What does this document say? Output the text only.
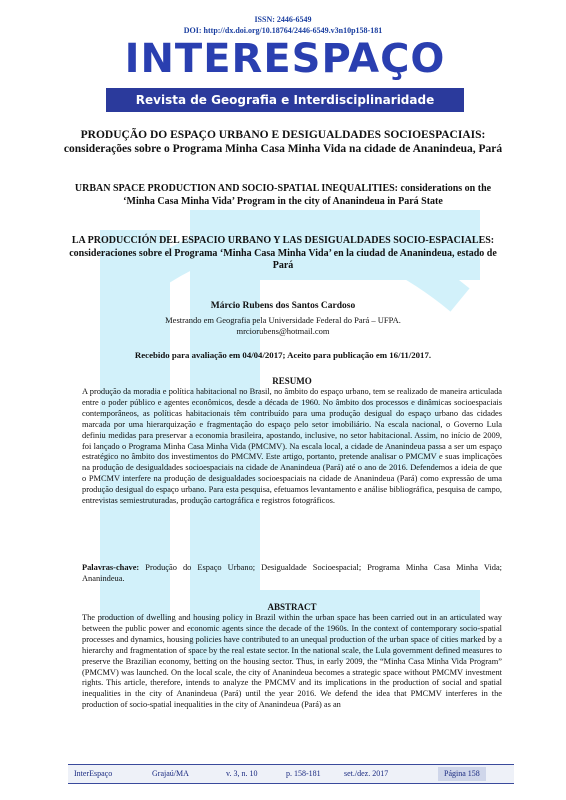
ISSN: 2446-6549
DOI: http://dx.doi.org/10.18764/2446-6549.v3n10p158-181
INTERESPAÇO
Revista de Geografia e Interdisciplinaridade
PRODUÇÃO DO ESPAÇO URBANO E DESIGUALDADES SOCIOESPACIAIS: considerações sobre o Programa Minha Casa Minha Vida na cidade de Ananindeua, Pará
URBAN SPACE PRODUCTION AND SOCIO-SPATIAL INEQUALITIES: considerations on the ‘Minha Casa Minha Vida’ Program in the city of Ananindeua in Pará State
LA PRODUCCIÓN DEL ESPACIO URBANO Y LAS DESIGUALDADES SOCIO-ESPACIALES: consideraciones sobre el Programa ‘Minha Casa Minha Vida’ en la ciudad de Ananindeua, estado de Pará
Márcio Rubens dos Santos Cardoso
Mestrando em Geografia pela Universidade Federal do Pará – UFPA.
mrciorubens@hotmail.com
Recebido para avaliação em 04/04/2017; Aceito para publicação em 16/11/2017.
RESUMO
A produção da moradia e política habitacional no Brasil, no âmbito do espaço urbano, tem se realizado de maneira articulada entre o poder público e agentes econômicos, desde a década de 1960. No âmbito dos processos e dinâmicas socioespaciais contemporâneos, as políticas habitacionais têm contribuído para uma produção desigual do espaço urbano das cidades marcada por uma hierarquização e fragmentação do espaço pelo setor imobiliário. Na escala nacional, o Governo Lula definiu medidas para preservar a economia brasileira, apostando, inclusive, no setor habitacional. Assim, no início de 2009, foi lançado o Programa Minha Casa Minha Vida (PMCMV). Na escala local, a cidade de Ananindeua passa a ser um espaço estratégico no âmbito dos investimentos do PMCMV. Este artigo, portanto, pretende analisar o PMCMV e suas implicações na produção de desigualdades socioespaciais na cidade de Ananindeua (Pará) até o ano de 2016. Defendemos a ideia de que o PMCMV interfere na produção de desigualdades socioespaciais na cidade de Ananindeua (Pará) como expressão de uma produção desigual do espaço urbano. Para esta pesquisa, efetuamos levantamento e análise bibliográfica, pesquisa de campo, entrevistas semiestruturadas, produção cartográfica e registros fotográficos.
Palavras-chave: Produção do Espaço Urbano; Desigualdade Socioespacial; Programa Minha Casa Minha Vida; Ananindeua.
ABSTRACT
The production of dwelling and housing policy in Brazil within the urban space has been carried out in an articulated way between the public power and economic agents since the decade of the 1960s. In the context of contemporary socio-spatial processes and dynamics, housing policies have contributed to an unequal production of the urban space of cities marked by a hierarchy and fragmentation of space by the real estate sector. In the national scale, the Lula government defined measures to preserve the Brazilian economy, betting on the housing sector. Thus, in early 2009, the “Minha Casa Minha Vida Program” (PMCMV) was launched. On the local scale, the city of Ananindeua becomes a strategic space without PMCMV investment rights. This article, therefore, intends to analyze the PMCMV and its implications in the production of social and spatial inequalities in the city of Ananindeua (Pará) until the year 2016. We defend the idea that PMCMV interferes in the production of socio-spatial inequalities in the city of Ananindeua (Pará) as an
InterEspaço	Grajaú/MA	v. 3, n. 10	p. 158-181	set./dez. 2017	Página 158
